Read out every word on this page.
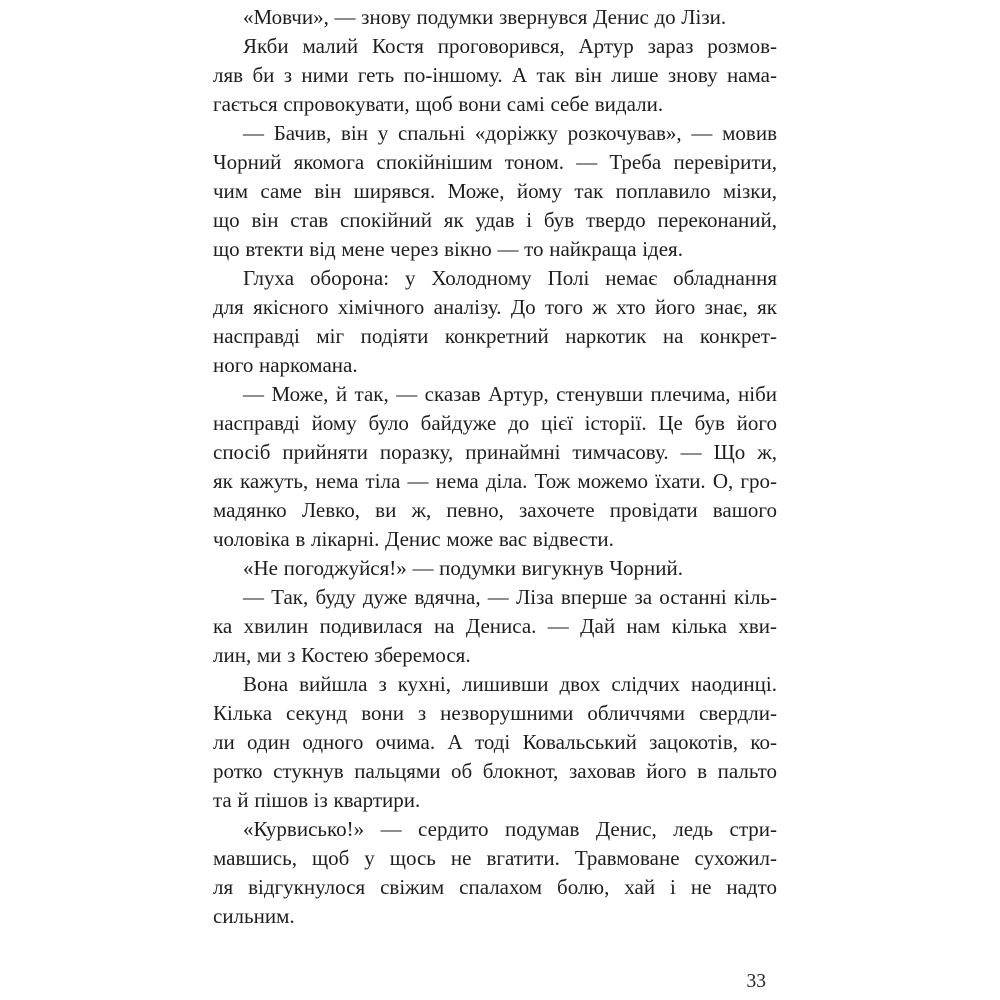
«Мовчи», — знову подумки звернувся Денис до Лізи.
Якби малий Костя проговорився, Артур зараз розмов-
ляв би з ними геть по-іншому. А так він лише знову нама-
гається спровокувати, щоб вони самі себе видали.
— Бачив, він у спальні «доріжку розкочував», — мовив
Чорний якомога спокійнішим тоном. — Треба перевірити,
чим саме він ширявся. Може, йому так поплавило мізки,
що він став спокійний як удав і був твердо переконаний,
що втекти від мене через вікно — то найкраща ідея.
Глуха оборона: у Холодному Полі немає обладнання
для якісного хімічного аналізу. До того ж хто його знає, як
насправді міг подіяти конкретний наркотик на конкрет-
ного наркомана.
— Може, й так, — сказав Артур, стенувши плечима, ніби
насправді йому було байдуже до цієї історії. Це був його
спосіб прийняти поразку, принаймні тимчасову. — Що ж,
як кажуть, нема тіла — нема діла. Тож можемо їхати. О, гро-
мадянко Левко, ви ж, певно, захочете провідати вашого
чоловіка в лікарні. Денис може вас відвести.
«Не погоджуйся!» — подумки вигукнув Чорний.
— Так, буду дуже вдячна, — Ліза вперше за останні кіль-
ка хвилин подивилася на Дениса. — Дай нам кілька хви-
лин, ми з Костею зберемося.
Вона вийшла з кухні, лишивши двох слідчих наодинці.
Кілька секунд вони з незворушними обличчями свердли-
ли один одного очима. А тоді Ковальський зацокотів, ко-
ротко стукнув пальцями об блокнот, заховав його в пальто
та й пішов із квартири.
«Курвисько!» — сердито подумав Денис, ледь стри-
мавшись, щоб у щось не вгатити. Травмоване сухожил-
ля відгукнулося свіжим спалахом болю, хай і не надто
сильним.
33
